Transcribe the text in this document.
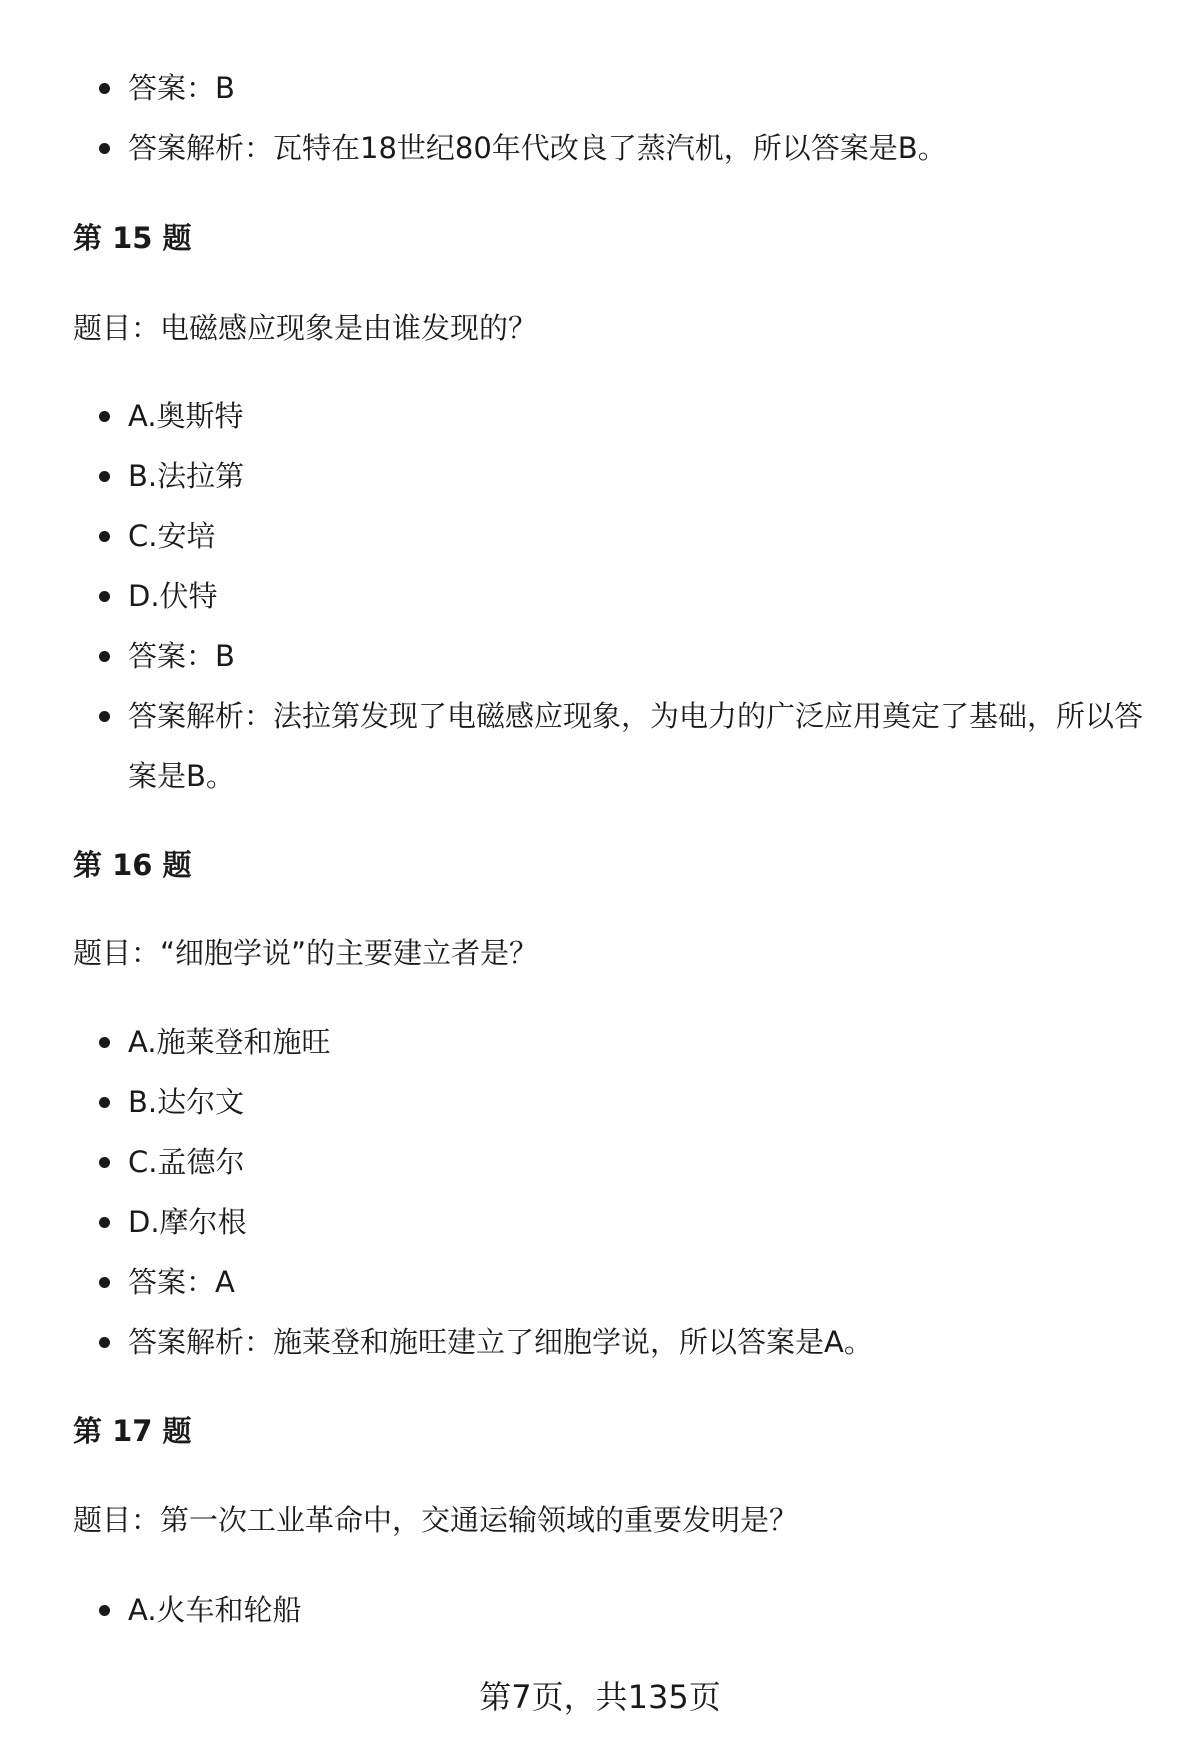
答案：B
答案解析：瓦特在18世纪80年代改良了蒸汽机，所以答案是B。

第 15 题

题目：电磁感应现象是由谁发现的？

A.奥斯特
B.法拉第
C.安培
D.伏特
答案：B
答案解析：法拉第发现了电磁感应现象，为电力的广泛应用奠定了基础，所以答案是B。

第 16 题

题目：“细胞学说”的主要建立者是？

A.施莱登和施旺
B.达尔文
C.孟德尔
D.摩尔根
答案：A
答案解析：施莱登和施旺建立了细胞学说，所以答案是A。

第 17 题

题目：第一次工业革命中，交通运输领域的重要发明是？

A.火车和轮船
第7页，共135页
